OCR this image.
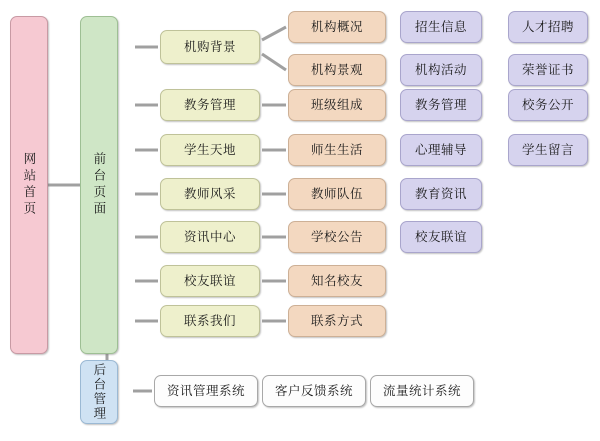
网站首页	前台页面
后台管理
机购背景
教务管理
学生天地
教师风采
资讯中心
校友联谊
联系我们
机构概况
机构景观
班级组成
师生生活
教师队伍
学校公告
知名校友
联系方式
招生信息
机构活动
教务管理
心理辅导
教育资讯
校友联谊
人才招聘
荣誉证书
校务公开
学生留言
资讯管理系统 客户反馈系统 流量统计系统
